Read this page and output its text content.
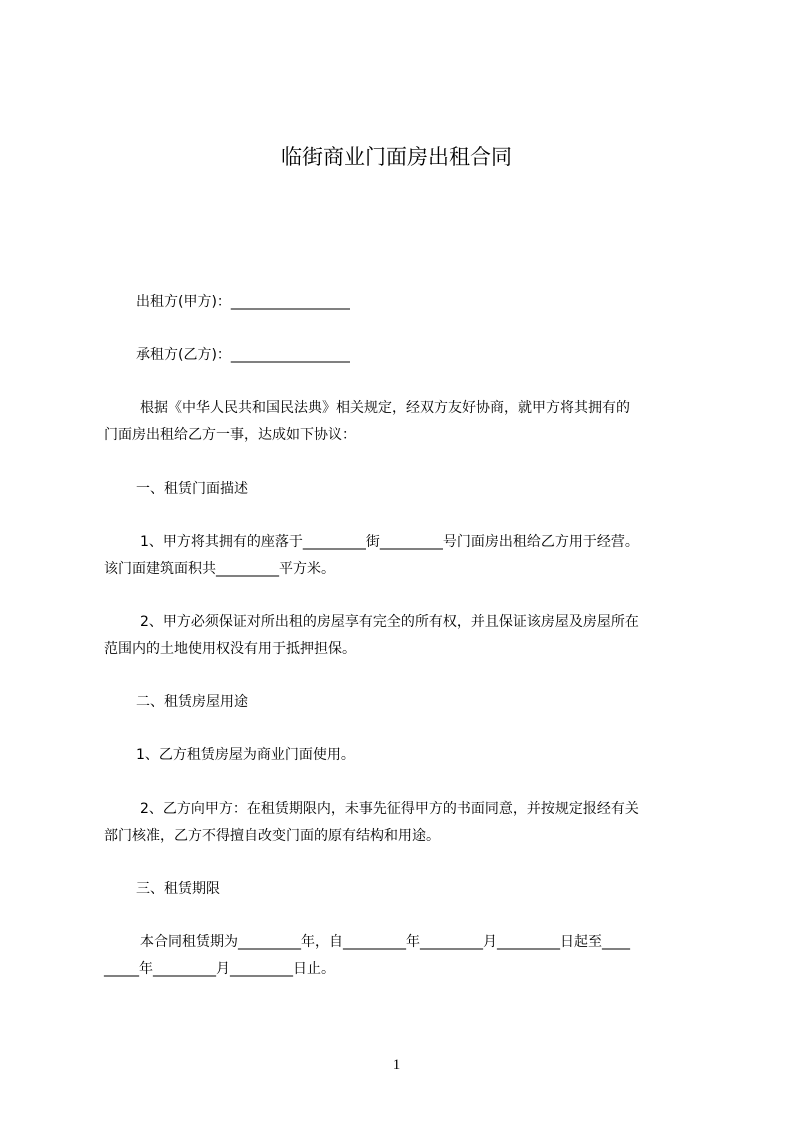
临街商业门面房出租合同
出租方(甲方)：_________________
承租方(乙方)：_________________
根据《中华人民共和国民法典》相关规定，经双方友好协商，就甲方将其拥有的
门面房出租给乙方一事，达成如下协议：
一、租赁门面描述
1、甲方将其拥有的座落于_________街_________号门面房出租给乙方用于经营。
该门面建筑面积共_________平方米。
2、甲方必须保证对所出租的房屋享有完全的所有权，并且保证该房屋及房屋所在
范围内的土地使用权没有用于抵押担保。
二、租赁房屋用途
1、乙方租赁房屋为商业门面使用。
2、乙方向甲方：在租赁期限内，未事先征得甲方的书面同意，并按规定报经有关
部门核准，乙方不得擅自改变门面的原有结构和用途。
三、租赁期限
本合同租赁期为_________年，自_________年_________月_________日起至____
_____年_________月_________日止。
1
